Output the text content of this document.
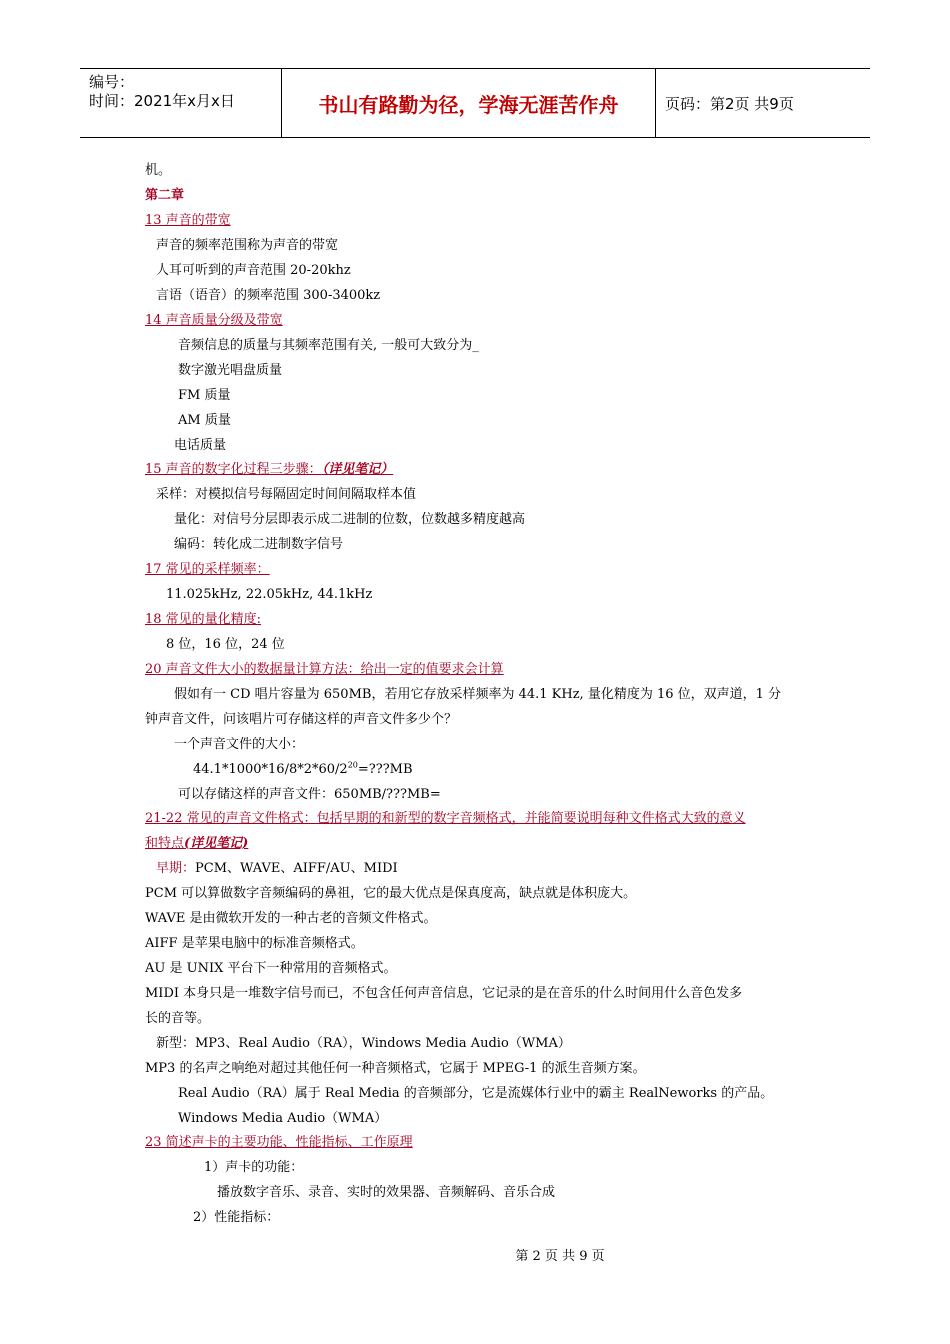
编号：
时间：2021年x月x日	书山有路勤为径，学海无涯苦作舟	页码：第2页 共9页
机。
第二章
13 声音的带宽
声音的频率范围称为声音的带宽
人耳可听到的声音范围 20-20khz
言语（语音）的频率范围 300-3400kz
14 声音质量分级及带宽
音频信息的质量与其频率范围有关, 一般可大致分为_
数字激光唱盘质量
FM 质量
AM 质量
电话质量
15 声音的数字化过程三步骤：（详见笔记）
采样：对模拟信号每隔固定时间间隔取样本值
量化：对信号分层即表示成二进制的位数，位数越多精度越高
编码：转化成二进制数字信号
17 常见的采样频率：
11.025kHz, 22.05kHz, 44.1kHz
18 常见的量化精度:
8 位，16 位，24 位
20 声音文件大小的数据量计算方法：给出一定的值要求会计算
假如有一 CD 唱片容量为 650MB，若用它存放采样频率为 44.1 KHz, 量化精度为 16 位，双声道，1 分
钟声音文件，问该唱片可存储这样的声音文件多少个？
一个声音文件的大小：
$44.1*1000*16/8*2*60/2^{20}=???MB$
可以存储这样的声音文件：650MB/???MB=
21-22 常见的声音文件格式：包括早期的和新型的数字音频格式，并能简要说明每种文件格式大致的意义
和特点(详见笔记)
早期：PCM、WAVE、AIFF/AU、MIDI
PCM 可以算做数字音频编码的鼻祖，它的最大优点是保真度高，缺点就是体积庞大。
WAVE 是由微软开发的一种古老的音频文件格式。
AIFF 是苹果电脑中的标准音频格式。
AU 是 UNIX 平台下一种常用的音频格式。
MIDI 本身只是一堆数字信号而已，不包含任何声音信息，它记录的是在音乐的什么时间用什么音色发多
长的音等。
新型：MP3、Real Audio（RA），Windows Media Audio（WMA）
MP3 的名声之响绝对超过其他任何一种音频格式，它属于 MPEG-1 的派生音频方案。
Real Audio（RA）属于 Real Media 的音频部分，它是流媒体行业中的霸主 RealNeworks 的产品。
Windows Media Audio（WMA）
23 简述声卡的主要功能、性能指标、工作原理
1）声卡的功能：
播放数字音乐、录音、实时的效果器、音频解码、音乐合成
2）性能指标：
第 2 页 共 9 页
